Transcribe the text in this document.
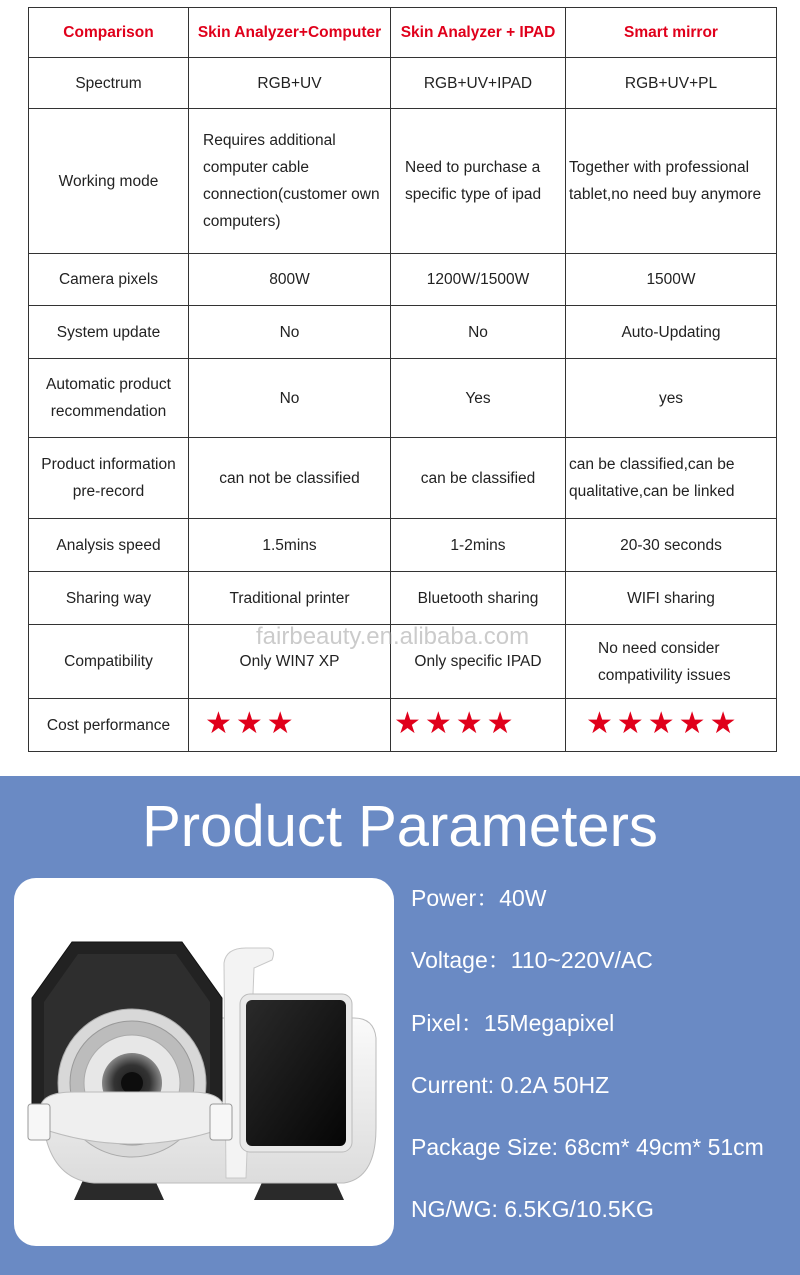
Comparison	Skin Analyzer+Computer	Skin Analyzer + IPAD	Smart mirror
Spectrum	RGB+UV	RGB+UV+IPAD	RGB+UV+PL
Working mode	Requires additional computer cable connection(customer own computers)	Need to purchase a specific type of ipad	Together with professional tablet,no need buy anymore
Camera pixels	800W	1200W/1500W	1500W
System update	No	No	Auto-Updating
Automatic product recommendation	No	Yes	yes
Product information pre-record	can not be classified	can be classified	can be classified,can be qualitative,can be linked
Analysis speed	1.5mins	1-2mins	20-30 seconds
Sharing way	Traditional printer	Bluetooth sharing	WIFI sharing
Compatibility	Only WIN7 XP	Only specific IPAD	No need consider compativility issues
Cost performance	★★★	★★★★	★★★★★
fairbeauty.en.alibaba.com
Product Parameters
Power：40W
Voltage：110~220V/AC
Pixel：15Megapixel
Current: 0.2A 50HZ
Package Size: 68cm* 49cm* 51cm
NG/WG: 6.5KG/10.5KG
